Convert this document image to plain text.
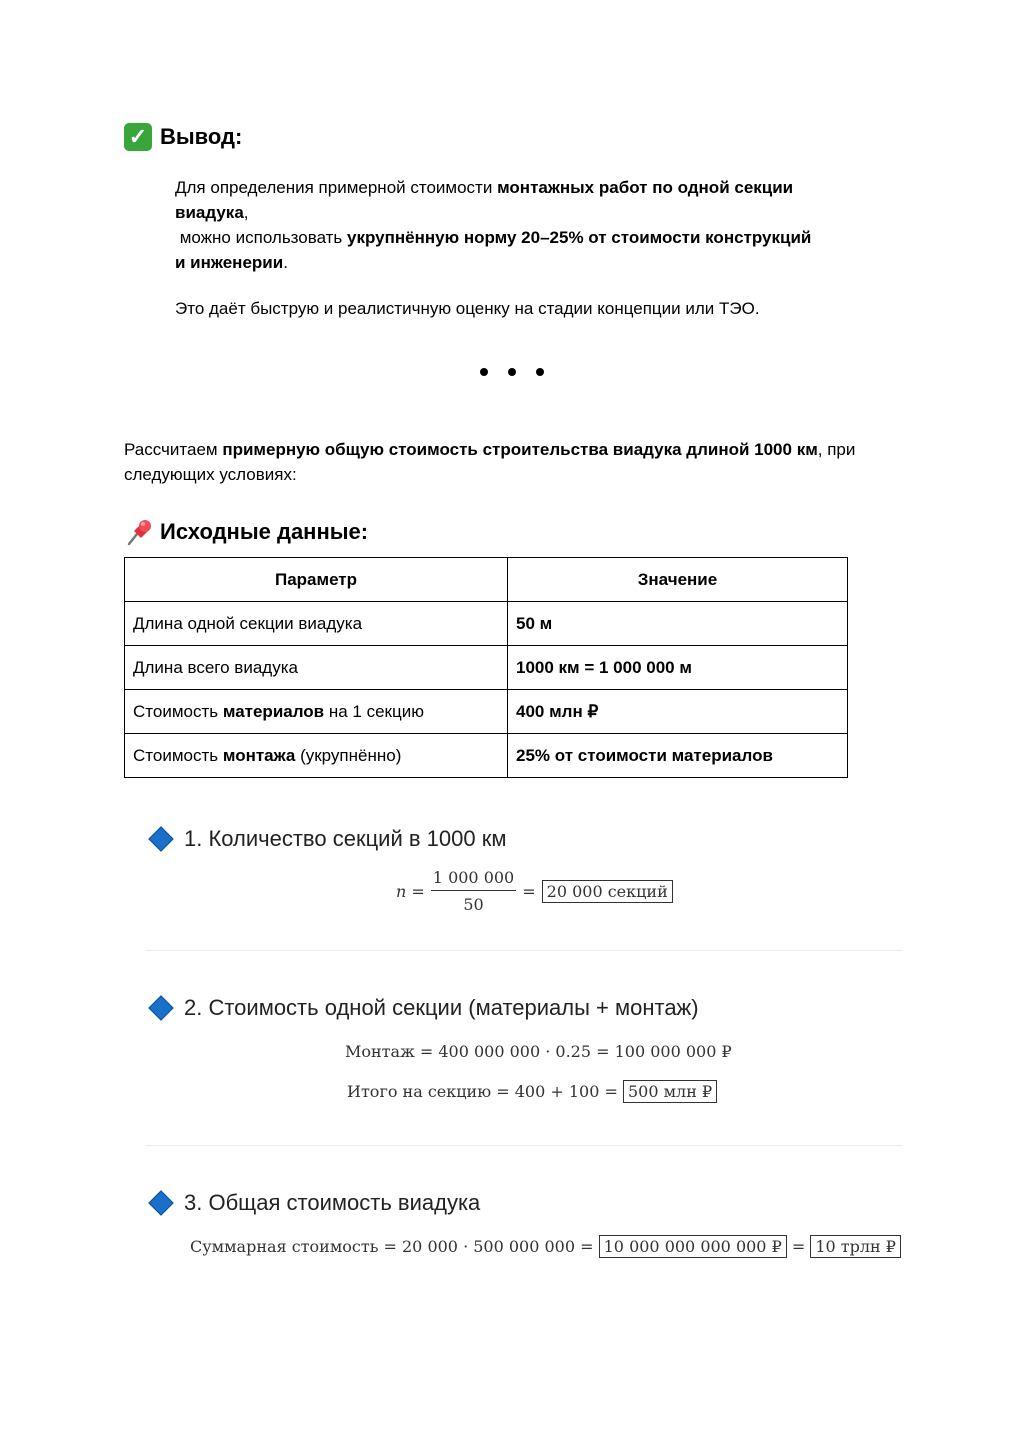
✓ Вывод:
Для определения примерной стоимости монтажных работ по одной секции виадука,
можно использовать укрупнённую норму 20–25% от стоимости конструкций и инженерии.
Это даёт быструю и реалистичную оценку на стадии концепции или ТЭО.
Рассчитаем примерную общую стоимость строительства виадука длиной 1000 км, при следующих условиях:
Исходные данные:
Параметр	Значение
Длина одной секции виадука	50 м
Длина всего виадука	1000 км = 1 000 000 м
Стоимость материалов на 1 секцию	400 млн ₽
Стоимость монтажа (укрупнённо)	25% от стоимости материалов
1. Количество секций в 1000 км
$n = \frac{1 000 000}{50} = 20$ 000 секций
2. Стоимость одной секции (материалы + монтаж)
Монтаж = 400 000 000 · 0.25 = 100 000 000 ₽
Итого на секцию = 400 + 100 = 500 млн ₽
3. Общая стоимость виадука
Суммарная стоимость = 20 000 · 500 000 000 = 10 000 000 000 000 ₽ = 10 трлн ₽
